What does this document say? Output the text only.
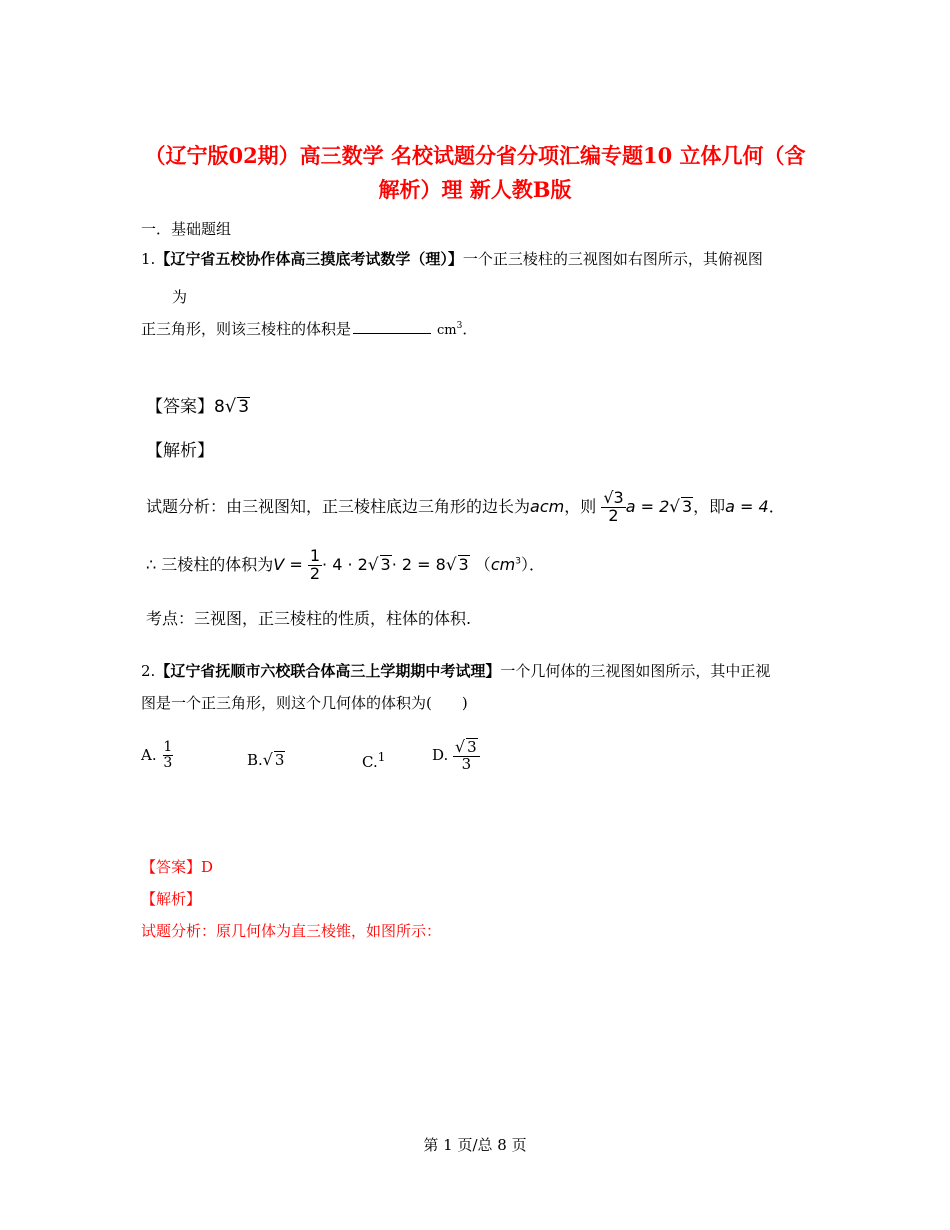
（辽宁版02期）高三数学 名校试题分省分项汇编专题10 立体几何（含
解析）理 新人教B版
一．基础题组
1.【辽宁省五校协作体高三摸底考试数学（理）】一个正三棱柱的三视图如右图所示，其俯视图
为
正三角形，则该三棱柱的体积是	$cm^3$．
【答案】8√ 3
【解析】
试题分析：由三视图知，正三棱柱底边三角形的边长为acm，则 $\frac{√3}{2}$ a = 2√ 3，即a = 4．
∴ 三棱柱的体积为$V = \frac{1}{2} \cdot 4 \cdot 2√$ 3· 2 = 8√ 3 $(cm^3)$．
考点：三视图，正三棱柱的性质，柱体的体积.
2.【辽宁省抚顺市六校联合体高三上学期期中考试理】一个几何体的三视图如图所示，其中正视
图是一个正三角形，则这个几何体的体积为(　　)
A. $\frac{1}{3}$	B.√ 3	C.$^1$	D. $\frac{√ 3}{3}$
【答案】D
【解析】
试题分析：原几何体为直三棱锥，如图所示：
第 1 页/总 8 页
